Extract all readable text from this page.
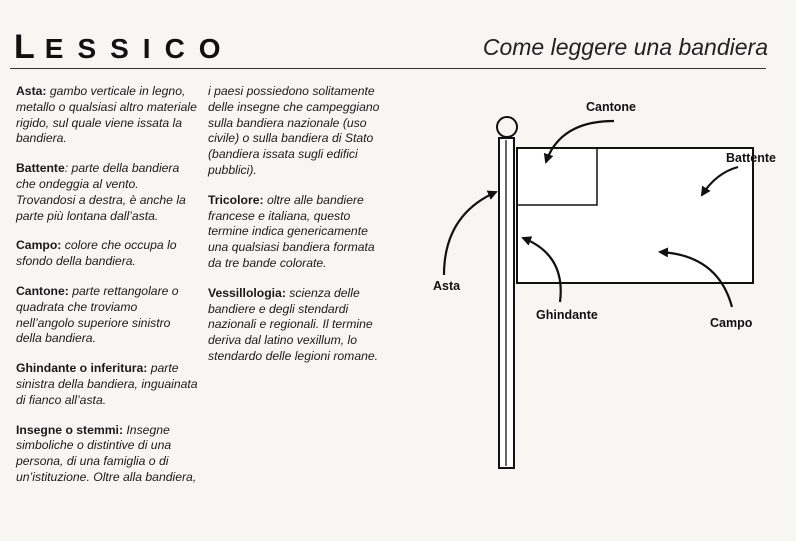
LESSICO	Come leggere una bandiera
Asta: gambo verticale in legno, metallo o qualsiasi altro materiale rigido, sul quale viene issata la bandiera.
Battente: parte della bandiera che ondeggia al vento. Trovandosi a destra, è anche la parte più lontana dall’asta.
Campo: colore che occupa lo sfondo della bandiera.
Cantone: parte rettangolare o quadrata che troviamo nell’angolo superiore sinistro della bandiera.
Ghindante o inferitura: parte sinistra della bandiera, inguainata di fianco all’asta.
Insegne o stemmi: Insegne simboliche o distintive di una persona, di una famiglia o di un’istituzione. Oltre alla bandiera,
i paesi possiedono solitamente delle insegne che campeggiano sulla bandiera nazionale (uso civile) o sulla bandiera di Stato (bandiera issata sugli edifici pubblici).
Tricolore: oltre alle bandiere francese e italiana, questo termine indica genericamente una qualsiasi bandiera formata da tre bande colorate.
Vessillologia: scienza delle bandiere e degli stendardi nazionali e regionali. Il termine deriva dal latino vexillum, lo stendardo delle legioni romane.
Cantone
Battente
Asta
Ghindante
Campo
